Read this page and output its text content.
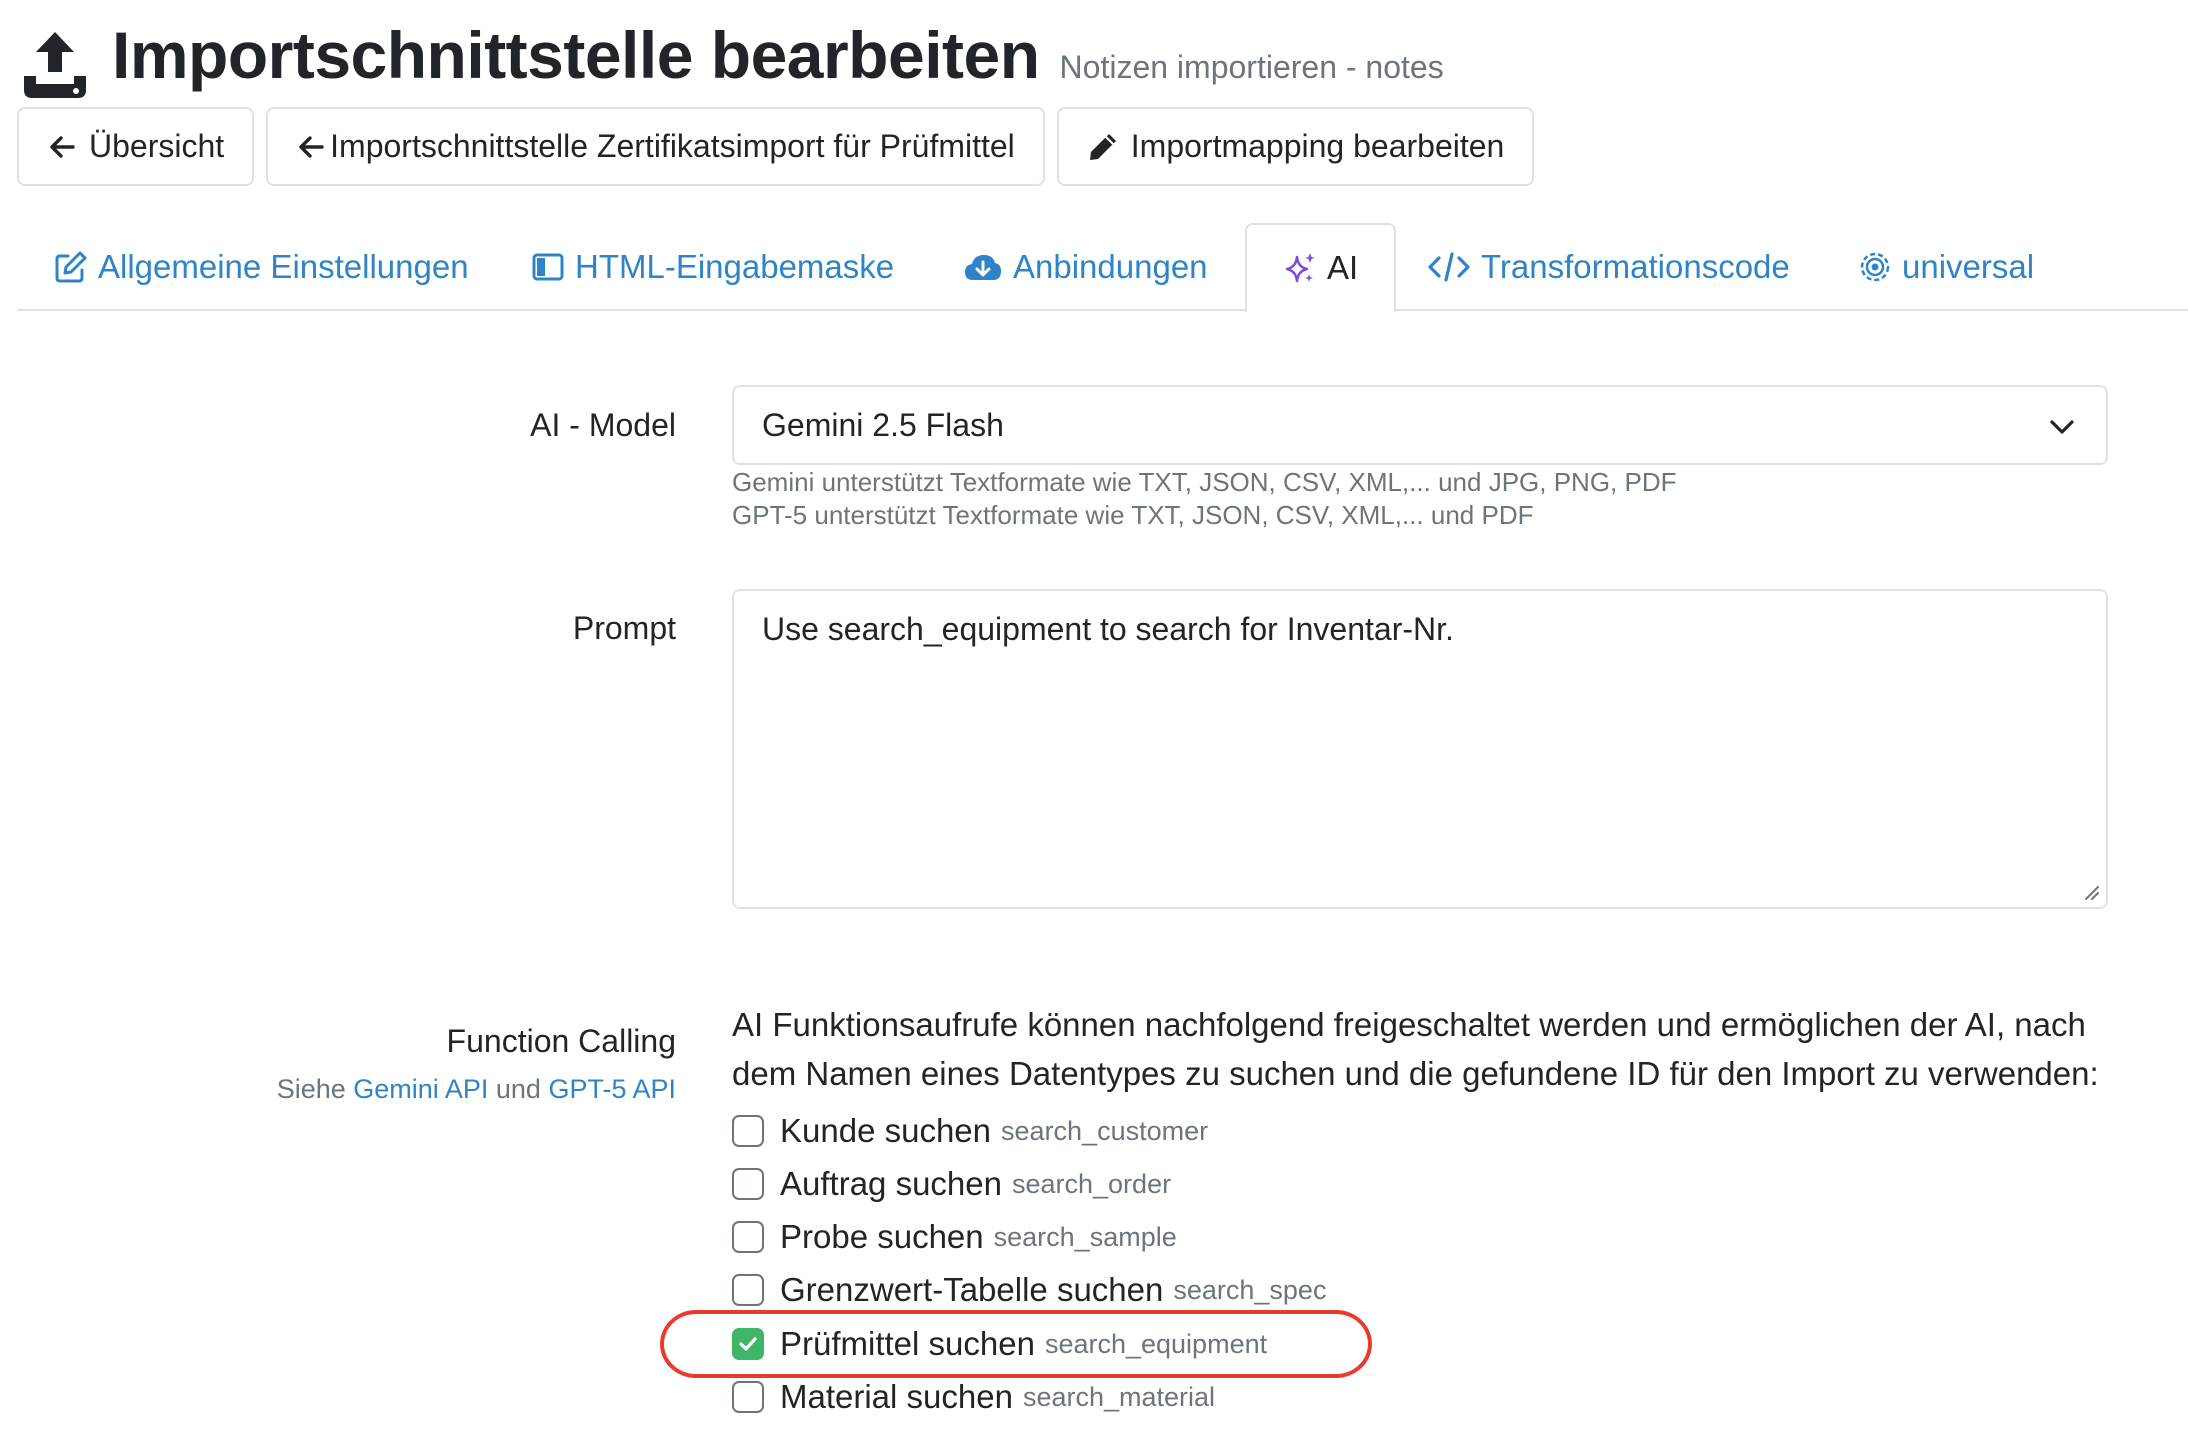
Importschnittstelle bearbeiten Notizen importieren - notes
Übersicht	Importschnittstelle Zertifikatsimport für Prüfmittel	Importmapping bearbeiten
Allgemeine Einstellungen	HTML-Eingabemaske	Anbindungen	AI	Transformationscode	universal
AI - Model	Gemini 2.5 Flash
Gemini unterstützt Textformate wie TXT, JSON, CSV, XML,... und JPG, PNG, PDF
GPT-5 unterstützt Textformate wie TXT, JSON, CSV, XML,... und PDF
Prompt	Use search_equipment to search for Inventar-Nr.
Function Calling
Siehe Gemini API und GPT-5 API
AI Funktionsaufrufe können nachfolgend freigeschaltet werden und ermöglichen der AI, nach dem Namen eines Datentypes zu suchen und die gefundene ID für den Import zu verwenden:
Kunde suchen search_customer
Auftrag suchen search_order
Probe suchen search_sample
Grenzwert-Tabelle suchen search_spec
Prüfmittel suchen search_equipment
Material suchen search_material
